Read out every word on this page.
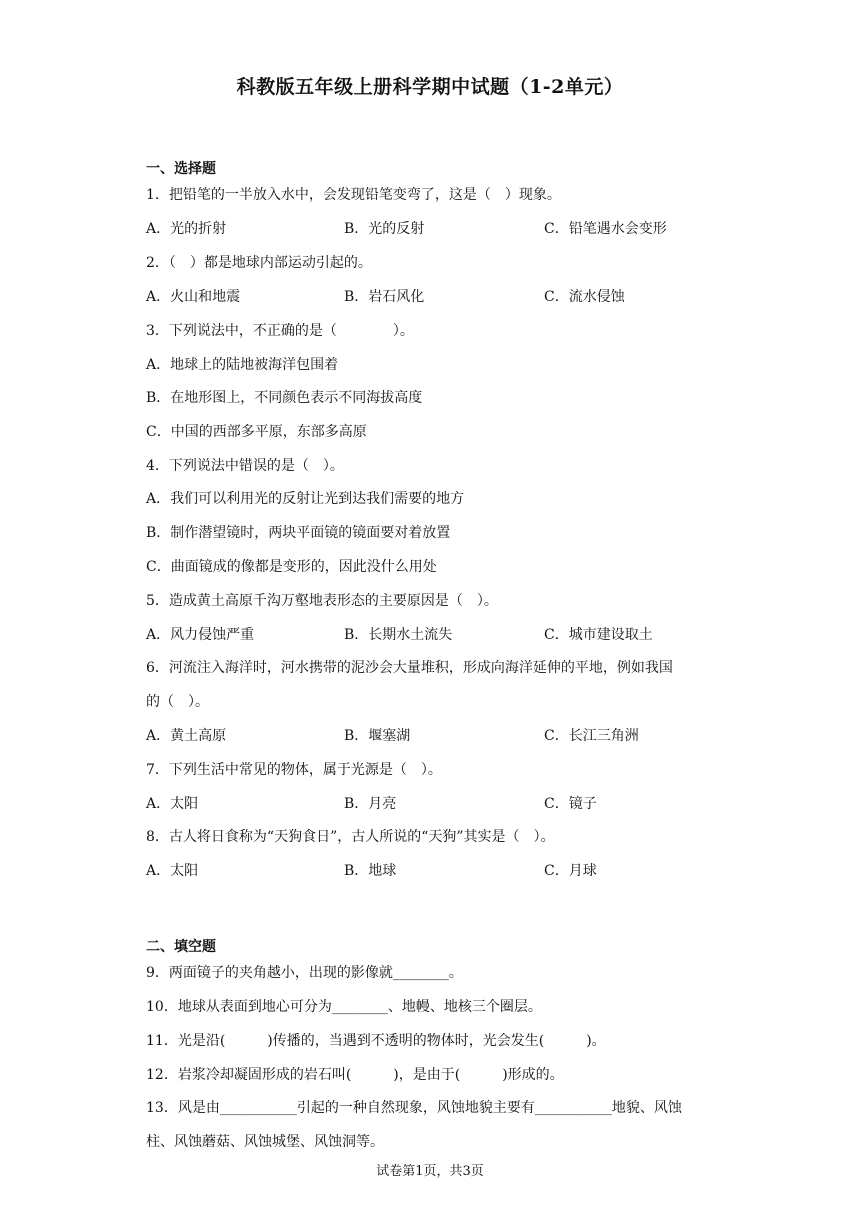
科教版五年级上册科学期中试题（1-2单元）
一、选择题
1．把铅笔的一半放入水中，会发现铅笔变弯了，这是（　）现象。
A．光的折射	B．光的反射	C．铅笔遇水会变形
2．（　）都是地球内部运动引起的。
A．火山和地震	B．岩石风化	C．流水侵蚀
3．下列说法中，不正确的是（　　　　）。
A．地球上的陆地被海洋包围着
B．在地形图上，不同颜色表示不同海拔高度
C．中国的西部多平原，东部多高原
4．下列说法中错误的是（　）。
A．我们可以利用光的反射让光到达我们需要的地方
B．制作潜望镜时，两块平面镜的镜面要对着放置
C．曲面镜成的像都是变形的，因此没什么用处
5．造成黄土高原千沟万壑地表形态的主要原因是（　）。
A．风力侵蚀严重	B．长期水土流失	C．城市建设取土
6．河流注入海洋时，河水携带的泥沙会大量堆积，形成向海洋延伸的平地，例如我国
的（　）。
A．黄土高原	B．堰塞湖	C．长江三角洲
7．下列生活中常见的物体，属于光源是（　）。
A．太阳	B．月亮	C．镜子
8．古人将日食称为“天狗食日”，古人所说的“天狗”其实是（　）。
A．太阳	B．地球	C．月球
二、填空题
9．两面镜子的夹角越小，出现的影像就________。
10．地球从表面到地心可分为________、地幔、地核三个圈层。
11．光是沿(　　　)传播的，当遇到不透明的物体时，光会发生(　　　)。
12．岩浆冷却凝固形成的岩石叫(　　　)，是由于(　　　)形成的。
13．风是由___________引起的一种自然现象，风蚀地貌主要有___________地貌、风蚀
柱、风蚀蘑菇、风蚀城堡、风蚀洞等。
试卷第1页，共3页
